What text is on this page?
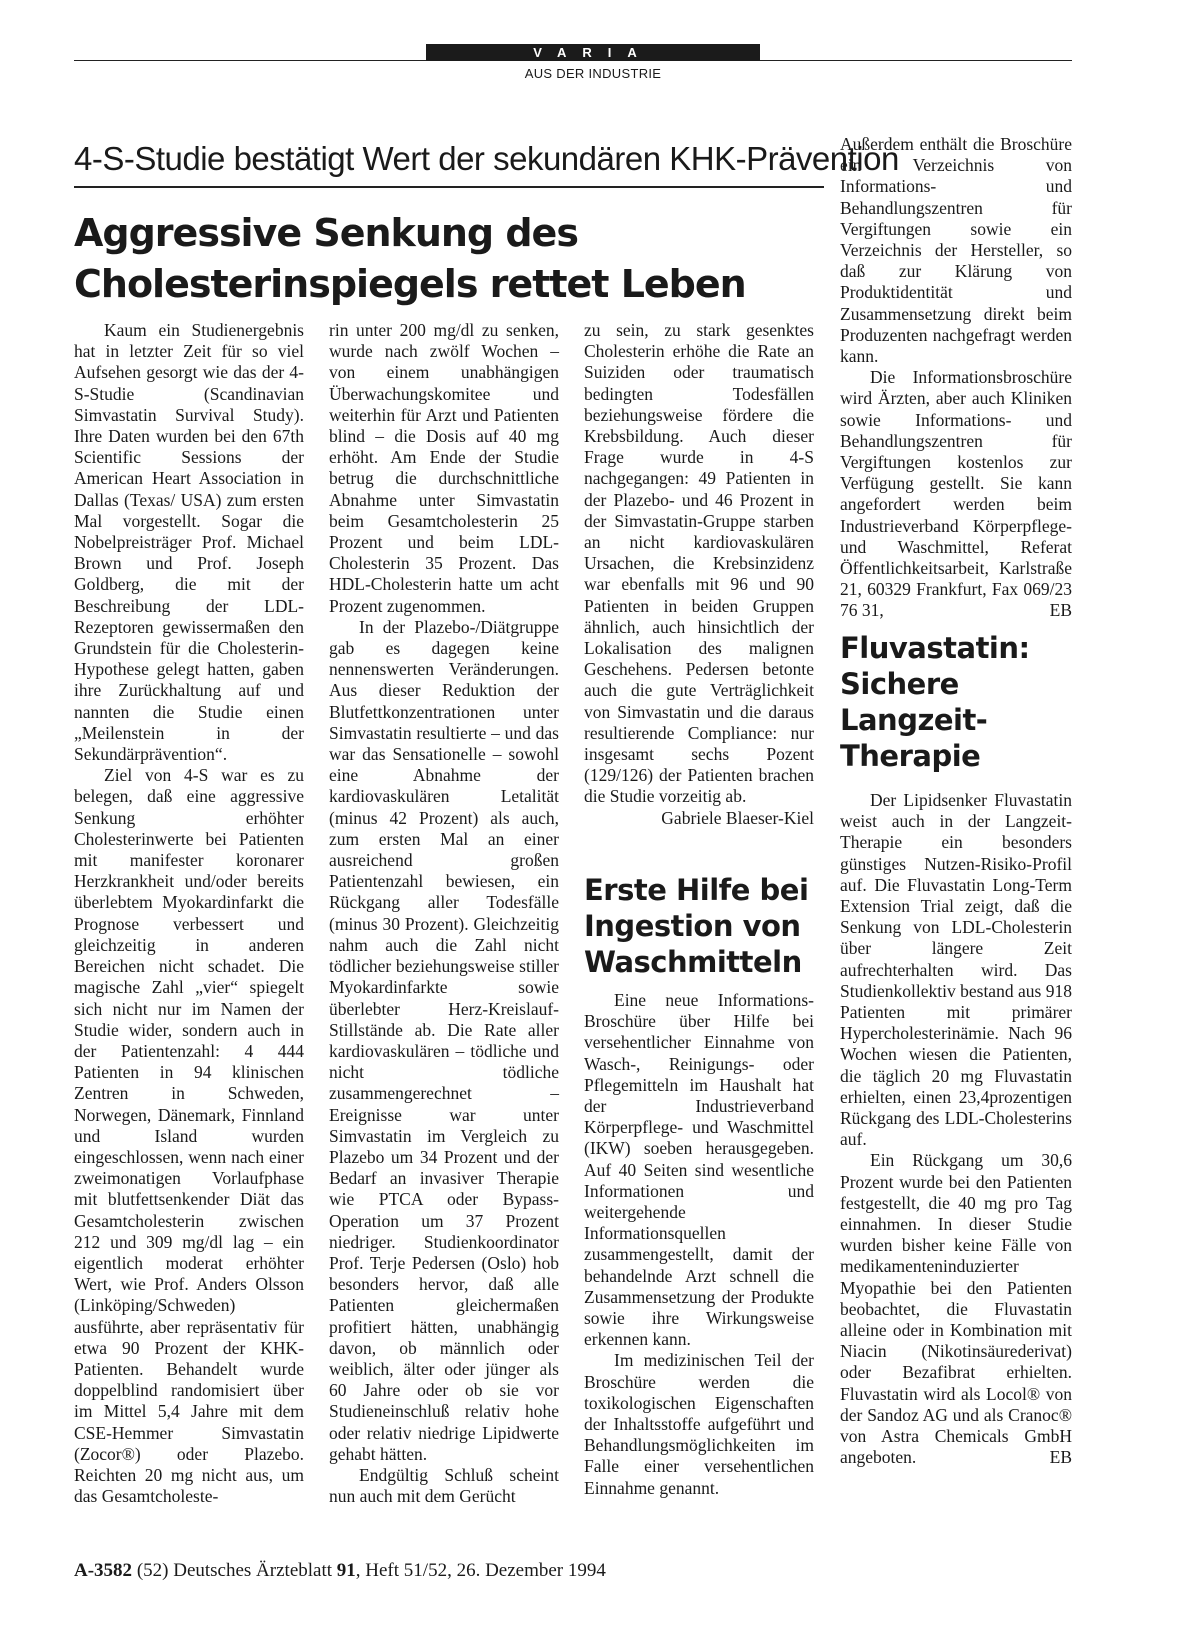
VARIA
AUS DER INDUSTRIE
4-S-Studie bestätigt Wert der sekundären KHK-Prävention
Aggressive Senkung des
Cholesterinspiegels rettet Leben

Kaum ein Studienergebnis hat in letzter Zeit für so viel Aufsehen gesorgt wie das der 4-S-Studie (Scandinavian Simvastatin Survival Study). Ihre Daten wurden bei den 67th Scientific Sessions der American Heart Association in Dallas (Texas/ USA) zum ersten Mal vorgestellt. Sogar die Nobelpreisträger Prof. Michael Brown und Prof. Joseph Goldberg, die mit der Beschreibung der LDL-Rezeptoren gewissermaßen den Grundstein für die Cholesterin-Hypothese gelegt hatten, gaben ihre Zurückhaltung auf und nannten die Studie einen „Meilenstein in der Sekundärprävention“.

Ziel von 4-S war es zu belegen, daß eine aggressive Senkung erhöhter Cholesterinwerte bei Patienten mit manifester koronarer Herzkrankheit und/oder bereits überlebtem Myokardinfarkt die Prognose verbessert und gleichzeitig in anderen Bereichen nicht schadet. Die magische Zahl „vier“ spiegelt sich nicht nur im Namen der Studie wider, sondern auch in der Patientenzahl: 4 444 Patienten in 94 klinischen Zentren in Schweden, Norwegen, Dänemark, Finnland und Island wurden eingeschlossen, wenn nach einer zweimonatigen Vorlaufphase mit blutfettsenkender Diät das Gesamtcholesterin zwischen 212 und 309 mg/dl lag – ein eigentlich moderat erhöhter Wert, wie Prof. Anders Olsson (Linköping/Schweden) ausführte, aber repräsentativ für etwa 90 Prozent der KHK-Patienten. Behandelt wurde doppelblind randomisiert über im Mittel 5,4 Jahre mit dem CSE-Hemmer Simvastatin (Zocor®) oder Plazebo. Reichten 20 mg nicht aus, um das Gesamtcholeste-

rin unter 200 mg/dl zu senken, wurde nach zwölf Wochen – von einem unabhängigen Überwachungskomitee und weiterhin für Arzt und Patienten blind – die Dosis auf 40 mg erhöht. Am Ende der Studie betrug die durchschnittliche Abnahme unter Simvastatin beim Gesamtcholesterin 25 Prozent und beim LDL-Cholesterin 35 Prozent. Das HDL-Cholesterin hatte um acht Prozent zugenommen.

In der Plazebo-/Diätgruppe gab es dagegen keine nennenswerten Veränderungen. Aus dieser Reduktion der Blutfettkonzentrationen unter Simvastatin resultierte – und das war das Sensationelle – sowohl eine Abnahme der kardiovaskulären Letalität (minus 42 Prozent) als auch, zum ersten Mal an einer ausreichend großen Patientenzahl bewiesen, ein Rückgang aller Todesfälle (minus 30 Prozent). Gleichzeitig nahm auch die Zahl nicht tödlicher beziehungsweise stiller Myokardinfarkte sowie überlebter Herz-Kreislauf-Stillstände ab. Die Rate aller kardiovaskulären – tödliche und nicht tödliche zusammengerechnet – Ereignisse war unter Simvastatin im Vergleich zu Plazebo um 34 Prozent und der Bedarf an invasiver Therapie wie PTCA oder Bypass-Operation um 37 Prozent niedriger. Studienkoordinator Prof. Terje Pedersen (Oslo) hob besonders hervor, daß alle Patienten gleichermaßen profitiert hätten, unabhängig davon, ob männlich oder weiblich, älter oder jünger als 60 Jahre oder ob sie vor Studieneinschluß relativ hohe oder relativ niedrige Lipidwerte gehabt hätten.

Endgültig Schluß scheint nun auch mit dem Gerücht

zu sein, zu stark gesenktes Cholesterin erhöhe die Rate an Suiziden oder traumatisch bedingten Todesfällen beziehungsweise fördere die Krebsbildung. Auch dieser Frage wurde in 4-S nachgegangen: 49 Patienten in der Plazebo- und 46 Prozent in der Simvastatin-Gruppe starben an nicht kardiovaskulären Ursachen, die Krebsinzidenz war ebenfalls mit 96 und 90 Patienten in beiden Gruppen ähnlich, auch hinsichtlich der Lokalisation des malignen Geschehens. Pedersen betonte auch die gute Verträglichkeit von Simvastatin und die daraus resultierende Compliance: nur insgesamt sechs Pozent (129/126) der Patienten brachen die Studie vorzeitig ab.

Gabriele Blaeser-Kiel

Erste Hilfe bei Ingestion von Waschmitteln

Eine neue Informations-Broschüre über Hilfe bei versehentlicher Einnahme von Wasch-, Reinigungs- oder Pflegemitteln im Haushalt hat der Industrieverband Körperpflege- und Waschmittel (IKW) soeben herausgegeben. Auf 40 Seiten sind wesentliche Informationen und weitergehende Informationsquellen zusammengestellt, damit der behandelnde Arzt schnell die Zusammensetzung der Produkte sowie ihre Wirkungsweise erkennen kann.

Im medizinischen Teil der Broschüre werden die toxikologischen Eigenschaften der Inhaltsstoffe aufgeführt und Behandlungsmöglichkeiten im Falle einer versehentlichen Einnahme genannt.

Außerdem enthält die Broschüre ein Verzeichnis von Informations- und Behandlungszentren für Vergiftungen sowie ein Verzeichnis der Hersteller, so daß zur Klärung von Produktidentität und Zusammensetzung direkt beim Produzenten nachgefragt werden kann.

Die Informationsbroschüre wird Ärzten, aber auch Kliniken sowie Informations- und Behandlungszentren für Vergiftungen kostenlos zur Verfügung gestellt. Sie kann angefordert werden beim Industrieverband Körperpflege- und Waschmittel, Referat Öffentlichkeitsarbeit, Karlstraße 21, 60329 Frankfurt, Fax 069/23 76 31,	EB

Fluvastatin: Sichere Langzeit-Therapie

Der Lipidsenker Fluvastatin weist auch in der Langzeit-Therapie ein besonders günstiges Nutzen-Risiko-Profil auf. Die Fluvastatin Long-Term Extension Trial zeigt, daß die Senkung von LDL-Cholesterin über längere Zeit aufrechterhalten wird. Das Studienkollektiv bestand aus 918 Patienten mit primärer Hypercholesterinämie. Nach 96 Wochen wiesen die Patienten, die täglich 20 mg Fluvastatin erhielten, einen 23,4prozentigen Rückgang des LDL-Cholesterins auf.

Ein Rückgang um 30,6 Prozent wurde bei den Patienten festgestellt, die 40 mg pro Tag einnahmen. In dieser Studie wurden bisher keine Fälle von medikamenteninduzierter Myopathie bei den Patienten beobachtet, die Fluvastatin alleine oder in Kombination mit Niacin (Nikotinsäurederivat) oder Bezafibrat erhielten. Fluvastatin wird als Locol® von der Sandoz AG und als Cranoc® von Astra Chemicals GmbH angeboten.	EB

A-3582 (52) Deutsches Ärzteblatt 91, Heft 51/52, 26. Dezember 1994
